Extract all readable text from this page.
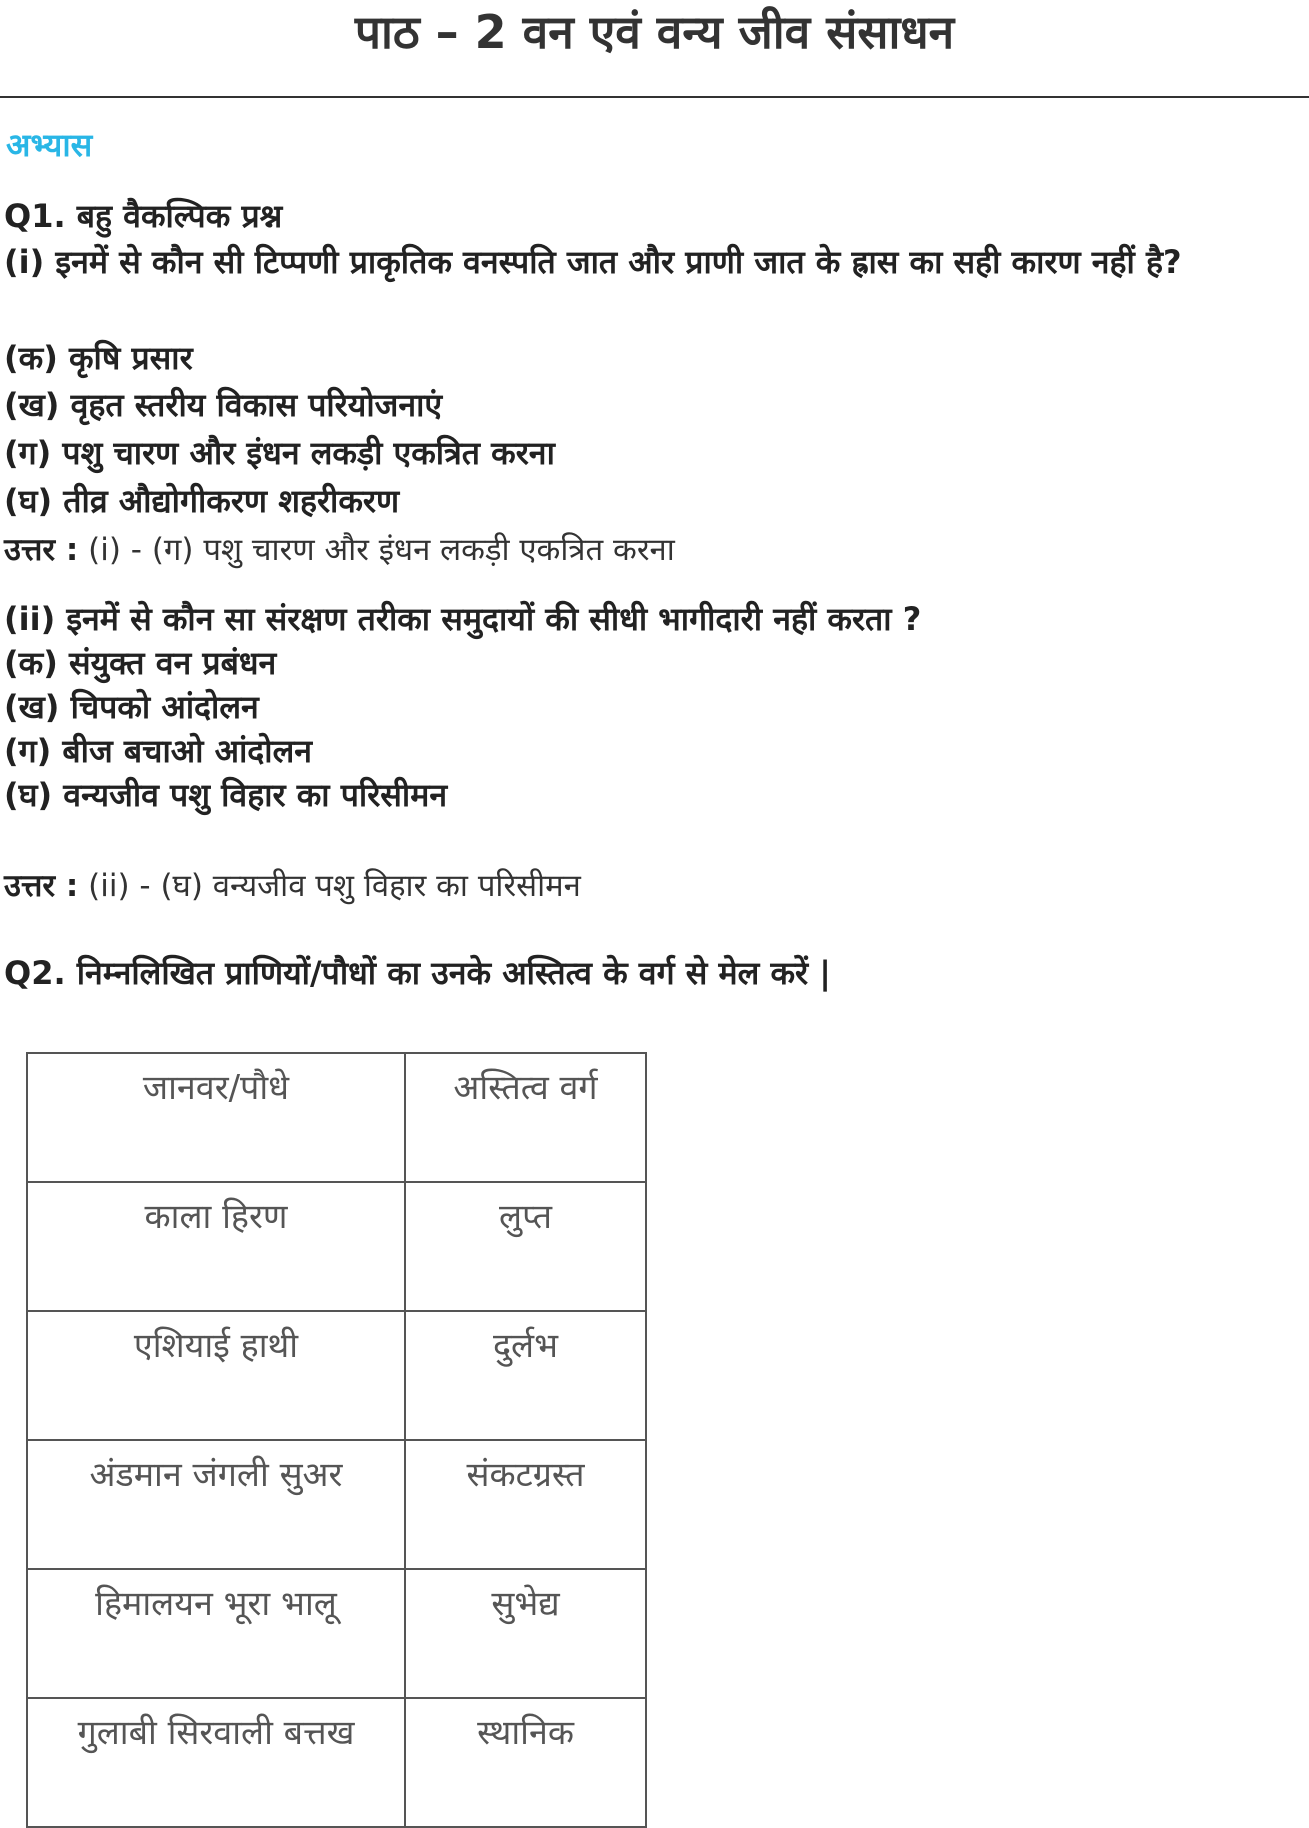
पाठ – 2 वन एवं वन्य जीव संसाधन
अभ्यास
Q1. बहु वैकल्पिक प्रश्न
(i) इनमें से कौन सी टिप्पणी प्राकृतिक वनस्पति जात और प्राणी जात के ह्रास का सही कारण नहीं है?
(क) कृषि प्रसार
(ख) वृहत स्तरीय विकास परियोजनाएं
(ग) पशु चारण और इंधन लकड़ी एकत्रित करना
(घ) तीव्र औद्योगीकरण शहरीकरण
उत्तर : (i) - (ग) पशु चारण और इंधन लकड़ी एकत्रित करना
(ii) इनमें से कौन सा संरक्षण तरीका समुदायों की सीधी भागीदारी नहीं करता ?
(क) संयुक्त वन प्रबंधन
(ख) चिपको आंदोलन
(ग) बीज बचाओ आंदोलन
(घ) वन्यजीव पशु विहार का परिसीमन
उत्तर : (ii) - (घ) वन्यजीव पशु विहार का परिसीमन
Q2. निम्नलिखित प्राणियों/पौधों का उनके अस्तित्व के वर्ग से मेल करें |
जानवर/पौधे	अस्तित्व वर्ग
काला हिरण	लुप्त
एशियाई हाथी	दुर्लभ
अंडमान जंगली सुअर	संकटग्रस्त
हिमालयन भूरा भालू	सुभेद्य
गुलाबी सिरवाली बत्तख	स्थानिक
